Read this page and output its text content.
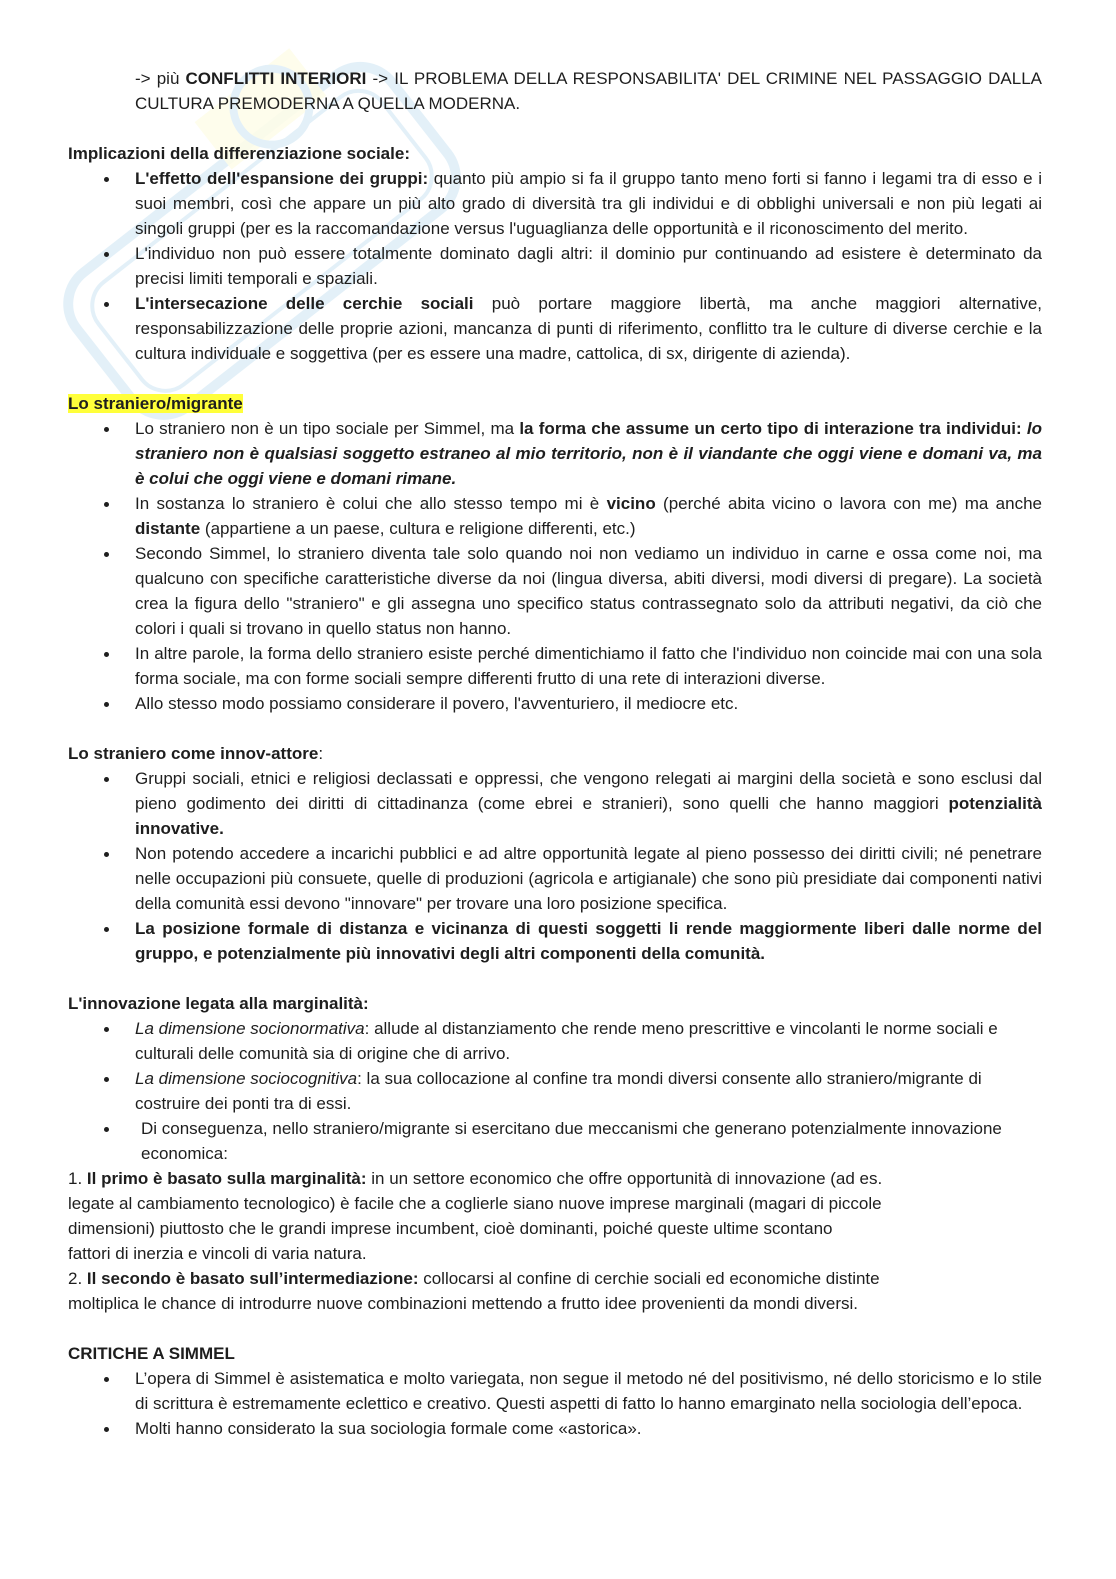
-> più CONFLITTI INTERIORI -> IL PROBLEMA DELLA RESPONSABILITA' DEL CRIMINE NEL PASSAGGIO DALLA CULTURA PREMODERNA A QUELLA MODERNA.

Implicazioni della differenziazione sociale:
L'effetto dell'espansione dei gruppi: quanto più ampio si fa il gruppo tanto meno forti si fanno i legami tra di esso e i suoi membri, così che appare un più alto grado di diversità tra gli individui e di obblighi universali e non più legati ai singoli gruppi (per es la raccomandazione versus l'uguaglianza delle opportunità e il riconoscimento del merito.
L'individuo non può essere totalmente dominato dagli altri: il dominio pur continuando ad esistere è determinato da precisi limiti temporali e spaziali.
L'intersecazione delle cerchie sociali può portare maggiore libertà, ma anche maggiori alternative, responsabilizzazione delle proprie azioni, mancanza di punti di riferimento, conflitto tra le culture di diverse cerchie e la cultura individuale e soggettiva (per es essere una madre, cattolica, di sx, dirigente di azienda).
Lo straniero/migrante
Lo straniero non è un tipo sociale per Simmel, ma la forma che assume un certo tipo di interazione tra individui: lo straniero non è qualsiasi soggetto estraneo al mio territorio, non è il viandante che oggi viene e domani va, ma è colui che oggi viene e domani rimane.
In sostanza lo straniero è colui che allo stesso tempo mi è vicino (perché abita vicino o lavora con me) ma anche distante (appartiene a un paese, cultura e religione differenti, etc.)
Secondo Simmel, lo straniero diventa tale solo quando noi non vediamo un individuo in carne e ossa come noi, ma qualcuno con specifiche caratteristiche diverse da noi (lingua diversa, abiti diversi, modi diversi di pregare). La società crea la figura dello "straniero" e gli assegna uno specifico status contrassegnato solo da attributi negativi, da ciò che colori i quali si trovano in quello status non hanno.
In altre parole, la forma dello straniero esiste perché dimentichiamo il fatto che l'individuo non coincide mai con una sola forma sociale, ma con forme sociali sempre differenti frutto di una rete di interazioni diverse.
Allo stesso modo possiamo considerare il povero, l'avventuriero, il mediocre etc.
Lo straniero come innov-attore:
Gruppi sociali, etnici e religiosi declassati e oppressi, che vengono relegati ai margini della società e sono esclusi dal pieno godimento dei diritti di cittadinanza (come ebrei e stranieri), sono quelli che hanno maggiori potenzialità innovative.
Non potendo accedere a incarichi pubblici e ad altre opportunità legate al pieno possesso dei diritti civili; né penetrare nelle occupazioni più consuete, quelle di produzioni (agricola e artigianale) che sono più presidiate dai componenti nativi della comunità essi devono "innovare" per trovare una loro posizione specifica.
La posizione formale di distanza e vicinanza di questi soggetti li rende maggiormente liberi dalle norme del gruppo, e potenzialmente più innovativi degli altri componenti della comunità.
L'innovazione legata alla marginalità:

La dimensione socionormativa: allude al distanziamento che rende meno prescrittive e vincolanti le norme sociali e culturali delle comunità sia di origine che di arrivo.

La dimensione sociocognitiva: la sua collocazione al confine tra mondi diversi consente allo straniero/migrante di costruire dei ponti tra di essi.

Di conseguenza, nello straniero/migrante si esercitano due meccanismi che generano potenzialmente innovazione economica:

1. Il primo è basato sulla marginalità: in un settore economico che offre opportunità di innovazione (ad es.

legate al cambiamento tecnologico) è facile che a coglierle siano nuove imprese marginali (magari di piccole

dimensioni) piuttosto che le grandi imprese incumbent, cioè dominanti, poiché queste ultime scontano

fattori di inerzia e vincoli di varia natura.

2. Il secondo è basato sull’intermediazione: collocarsi al confine di cerchie sociali ed economiche distinte

moltiplica le chance di introdurre nuove combinazioni mettendo a frutto idee provenienti da mondi diversi.

CRITICHE A SIMMEL
L’opera di Simmel è asistematica e molto variegata, non segue il metodo né del positivismo, né dello storicismo e lo stile di scrittura è estremamente eclettico e creativo. Questi aspetti di fatto lo hanno emarginato nella sociologia dell’epoca.
Molti hanno considerato la sua sociologia formale come «astorica».
